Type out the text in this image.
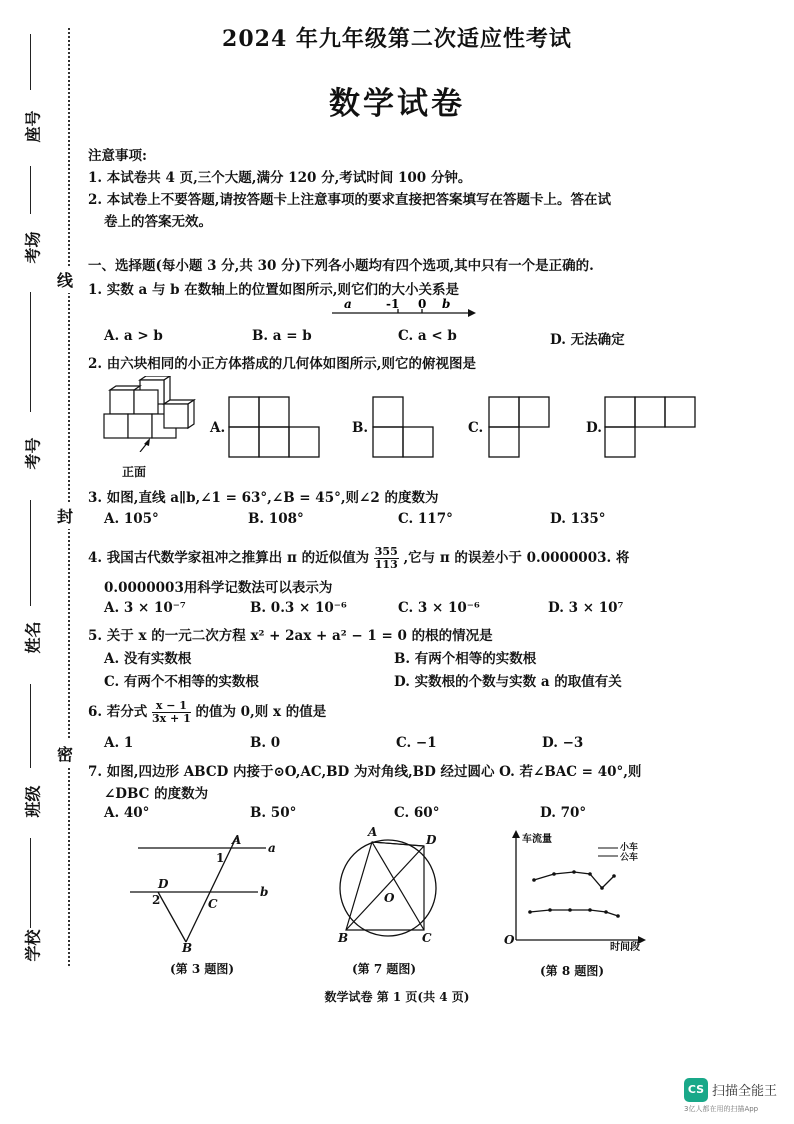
2024 年九年级第二次适应性考试
数学试卷
座号
考场
考号
姓名
班级
学校
线
封
密
注意事项:
1. 本试卷共 4 页,三个大题,满分 120 分,考试时间 100 分钟。
2. 本试卷上不要答题,请按答题卡上注意事项的要求直接把答案填写在答题卡上。答在试
卷上的答案无效。
一、选择题(每小题 3 分,共 30 分)下列各小题均有四个选项,其中只有一个是正确的.
1. 实数 a 与 b 在数轴上的位置如图所示,则它们的大小关系是
a	-1 0 b
A. a > b	B. a = b	C. a < b	D. 无法确定
2. 由六块相同的小正方体搭成的几何体如图所示,则它的俯视图是
正面
A.	B.	C.	D.
3. 如图,直线 a∥b,∠1 = 63°,∠B = 45°,则∠2 的度数为
A. 105°	B. 108°	C. 117°	D. 135°
4. 我国古代数学家祖冲之推算出 π 的近似值为 $\frac{355}{113}$ ,它与 π 的误差小于 0.0000003. 将
0.0000003用科学记数法可以表示为
A. 3 × 10⁻⁷	B. 0.3 × 10⁻⁶	C. 3 × 10⁻⁶	D. 3 × 10⁷
5. 关于 x 的一元二次方程 x² + 2ax + a² − 1 = 0 的根的情况是
A. 没有实数根	B. 有两个相等的实数根
C. 有两个不相等的实数根	D. 实数根的个数与实数 a 的取值有关
6. 若分式 $\frac{x - 1}{3x + 1}$ 的值为 0,则 x 的值是
A. 1	B. 0	C. −1	D. −3
7. 如图,四边形 ABCD 内接于⊙O,AC,BD 为对角线,BD 经过圆心 O. 若∠BAC = 40°,则
∠DBC 的度数为
A. 40°	B. 50°	C. 60°	D. 70°
A
a
1
D
2	C
b
B
(第 3 题图)
A
D
O
B	C
(第 7 题图)
车流量
小车
公车
时间段
O
(第 8 题图)
数学试卷 第 1 页(共 4 页)
CS 扫描全能王
3亿人都在用的扫描App
